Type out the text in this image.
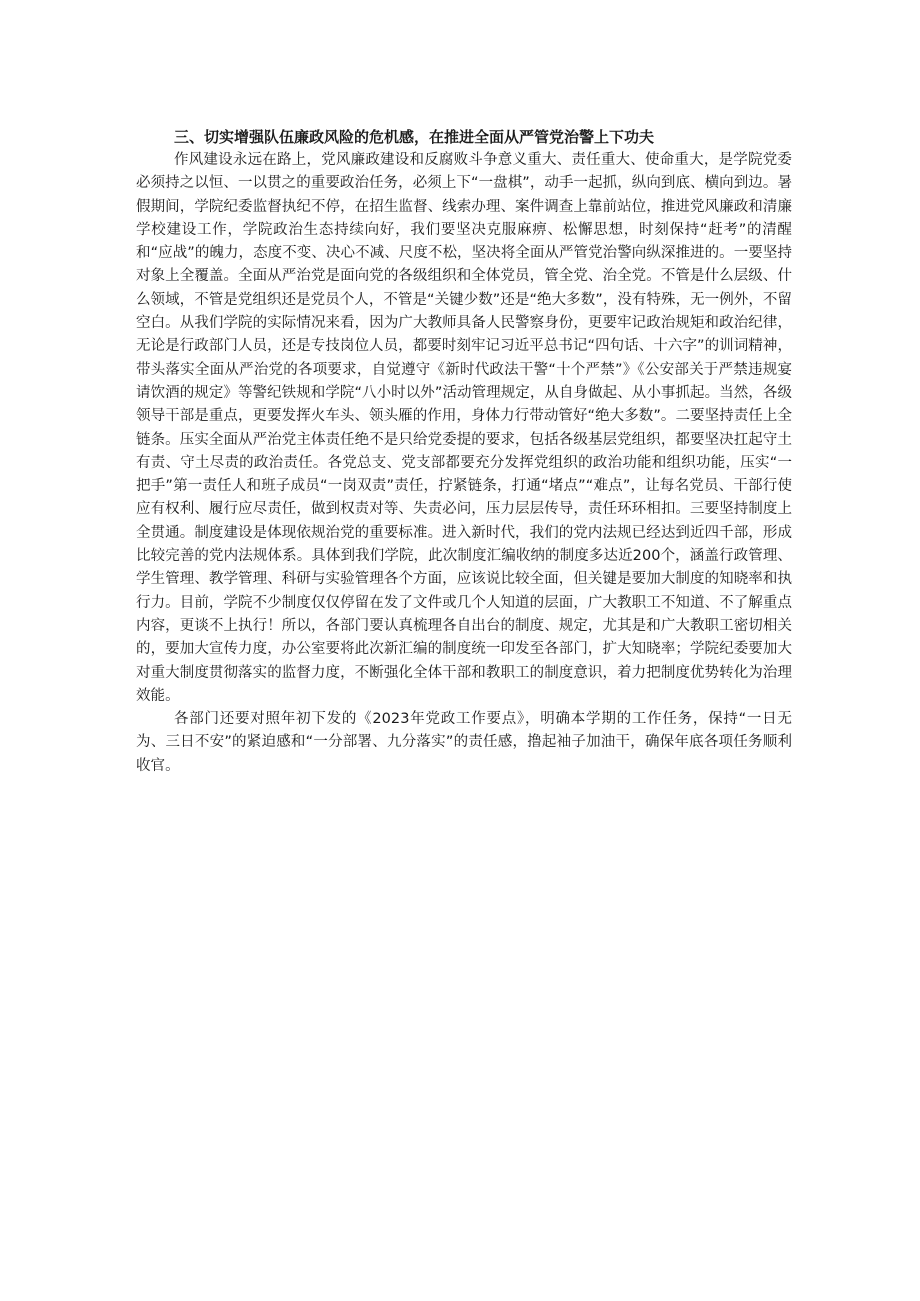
三、切实增强队伍廉政风险的危机感，在推进全面从严管党治警上下功夫

作风建设永远在路上，党风廉政建设和反腐败斗争意义重大、责任重大、使命重大，是学院党委必须持之以恒、一以贯之的重要政治任务，必须上下“一盘棋”，动手一起抓，纵向到底、横向到边。暑假期间，学院纪委监督执纪不停，在招生监督、线索办理、案件调查上靠前站位，推进党风廉政和清廉学校建设工作，学院政治生态持续向好，我们要坚决克服麻痹、松懈思想，时刻保持“赶考”的清醒和“应战”的魄力，态度不变、决心不减、尺度不松，坚决将全面从严管党治警向纵深推进的。一要坚持对象上全覆盖。全面从严治党是面向党的各级组织和全体党员，管全党、治全党。不管是什么层级、什么领域，不管是党组织还是党员个人，不管是“关键少数”还是“绝大多数”，没有特殊，无一例外，不留空白。从我们学院的实际情况来看，因为广大教师具备人民警察身份，更要牢记政治规矩和政治纪律，无论是行政部门人员，还是专技岗位人员，都要时刻牢记习近平总书记“四句话、十六字”的训词精神，带头落实全面从严治党的各项要求，自觉遵守《新时代政法干警“十个严禁”》《公安部关于严禁违规宴请饮酒的规定》等警纪铁规和学院“八小时以外”活动管理规定，从自身做起、从小事抓起。当然，各级领导干部是重点，更要发挥火车头、领头雁的作用，身体力行带动管好“绝大多数”。二要坚持责任上全链条。压实全面从严治党主体责任绝不是只给党委提的要求，包括各级基层党组织，都要坚决扛起守土有责、守土尽责的政治责任。各党总支、党支部都要充分发挥党组织的政治功能和组织功能，压实“一把手”第一责任人和班子成员“一岗双责”责任，拧紧链条，打通“堵点”“难点”，让每名党员、干部行使应有权利、履行应尽责任，做到权责对等、失责必问，压力层层传导，责任环环相扣。三要坚持制度上全贯通。制度建设是体现依规治党的重要标准。进入新时代，我们的党内法规已经达到近四千部，形成比较完善的党内法规体系。具体到我们学院，此次制度汇编收纳的制度多达近200个，涵盖行政管理、学生管理、教学管理、科研与实验管理各个方面，应该说比较全面，但关键是要加大制度的知晓率和执行力。目前，学院不少制度仅仅停留在发了文件或几个人知道的层面，广大教职工不知道、不了解重点内容，更谈不上执行！所以，各部门要认真梳理各自出台的制度、规定，尤其是和广大教职工密切相关的，要加大宣传力度，办公室要将此次新汇编的制度统一印发至各部门，扩大知晓率；学院纪委要加大对重大制度贯彻落实的监督力度，不断强化全体干部和教职工的制度意识，着力把制度优势转化为治理效能。

各部门还要对照年初下发的《2023年党政工作要点》，明确本学期的工作任务，保持“一日无为、三日不安”的紧迫感和“一分部署、九分落实”的责任感，撸起袖子加油干，确保年底各项任务顺利收官。
